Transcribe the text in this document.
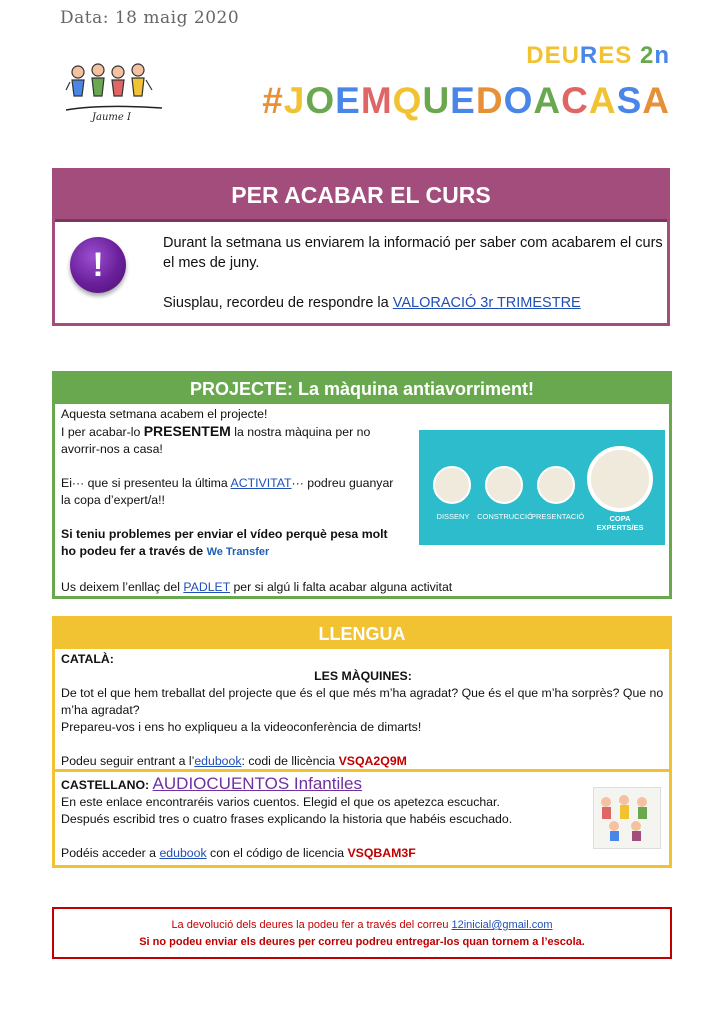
Data: 18 maig 2020
Jaume I
DEURES 2n
#JOEMQUEDOACASA
PER ACABAR EL CURS
!
Durant la setmana us enviarem la informació per saber com acabarem el curs el mes de juny.
Siusplau, recordeu de respondre la VALORACIÓ 3r TRIMESTRE
PROJECTE: La màquina antiavorriment!
Aquesta setmana acabem el projecte!
I per acabar-lo PRESENTEM la nostra màquina per no avorrir-nos a casa!
Ei··· que si presenteu la última ACTIVITAT··· podreu guanyar la copa d’expert/a!!
Si teniu problemes per enviar el vídeo perquè pesa molt ho podeu fer a través de We Transfer
DISSENY	CONSTRUCCIÓ
PRESENTACIÓ	COPA EXPERTS/ES
Us deixem l’enllaç del PADLET per si algú li falta acabar alguna activitat
LLENGUA
CATALÀ:
LES MÀQUINES:
De tot el que hem treballat del projecte que és el que més m’ha agradat? Que és el que m’ha sorprès? Que no m’ha agradat?
Prepareu-vos i ens ho expliqueu a la videoconferència de dimarts!
Podeu seguir entrant a l’edubook: codi de llicència VSQA2Q9M
CASTELLANO: AUDIOCUENTOS Infantiles
En este enlace encontraréis varios cuentos. Elegid el que os apetezca escuchar.
Después escribid tres o cuatro frases explicando la historia que habéis escuchado.
Podéis acceder a edubook con el código de licencia VSQBAM3F
La devolució dels deures la podeu fer a través del correu 12inicial@gmail.com
Si no podeu enviar els deures per correu podreu entregar-los quan tornem a l’escola.
